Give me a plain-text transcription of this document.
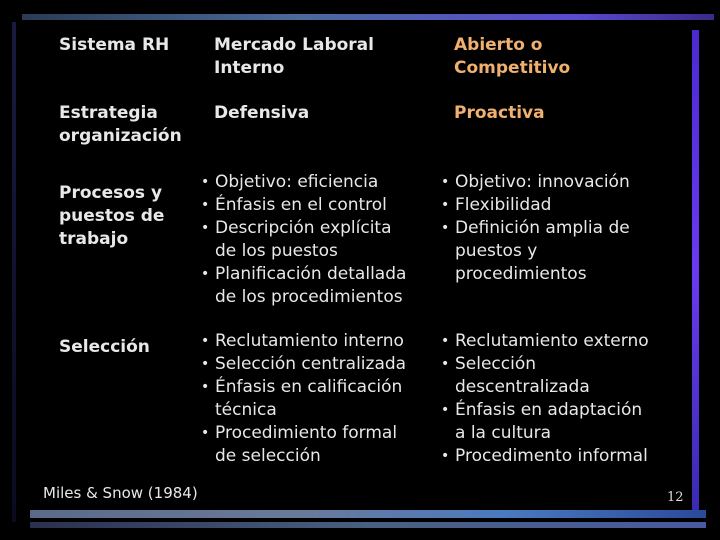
Sistema RH	Mercado Laboral
Interno
Abierto o
Competitivo
Estrategia
organización
Defensiva	Proactiva
Procesos y
puestos de
trabajo
• Objetivo: eficiencia
• Énfasis en el control
• Descripción explícita
de los puestos
• Planificación detallada
de los procedimientos
• Objetivo: innovación
• Flexibilidad
• Definición amplia de
puestos y
procedimientos
Selección
•	Reclutamiento interno
• Selección centralizada
• Énfasis en calificación
técnica
• Procedimiento formal
de selección
• Reclutamiento externo
• Selección
descentralizada
• Énfasis en adaptación
a la cultura
• Procedimento informal
Miles & Snow (1984)	12
